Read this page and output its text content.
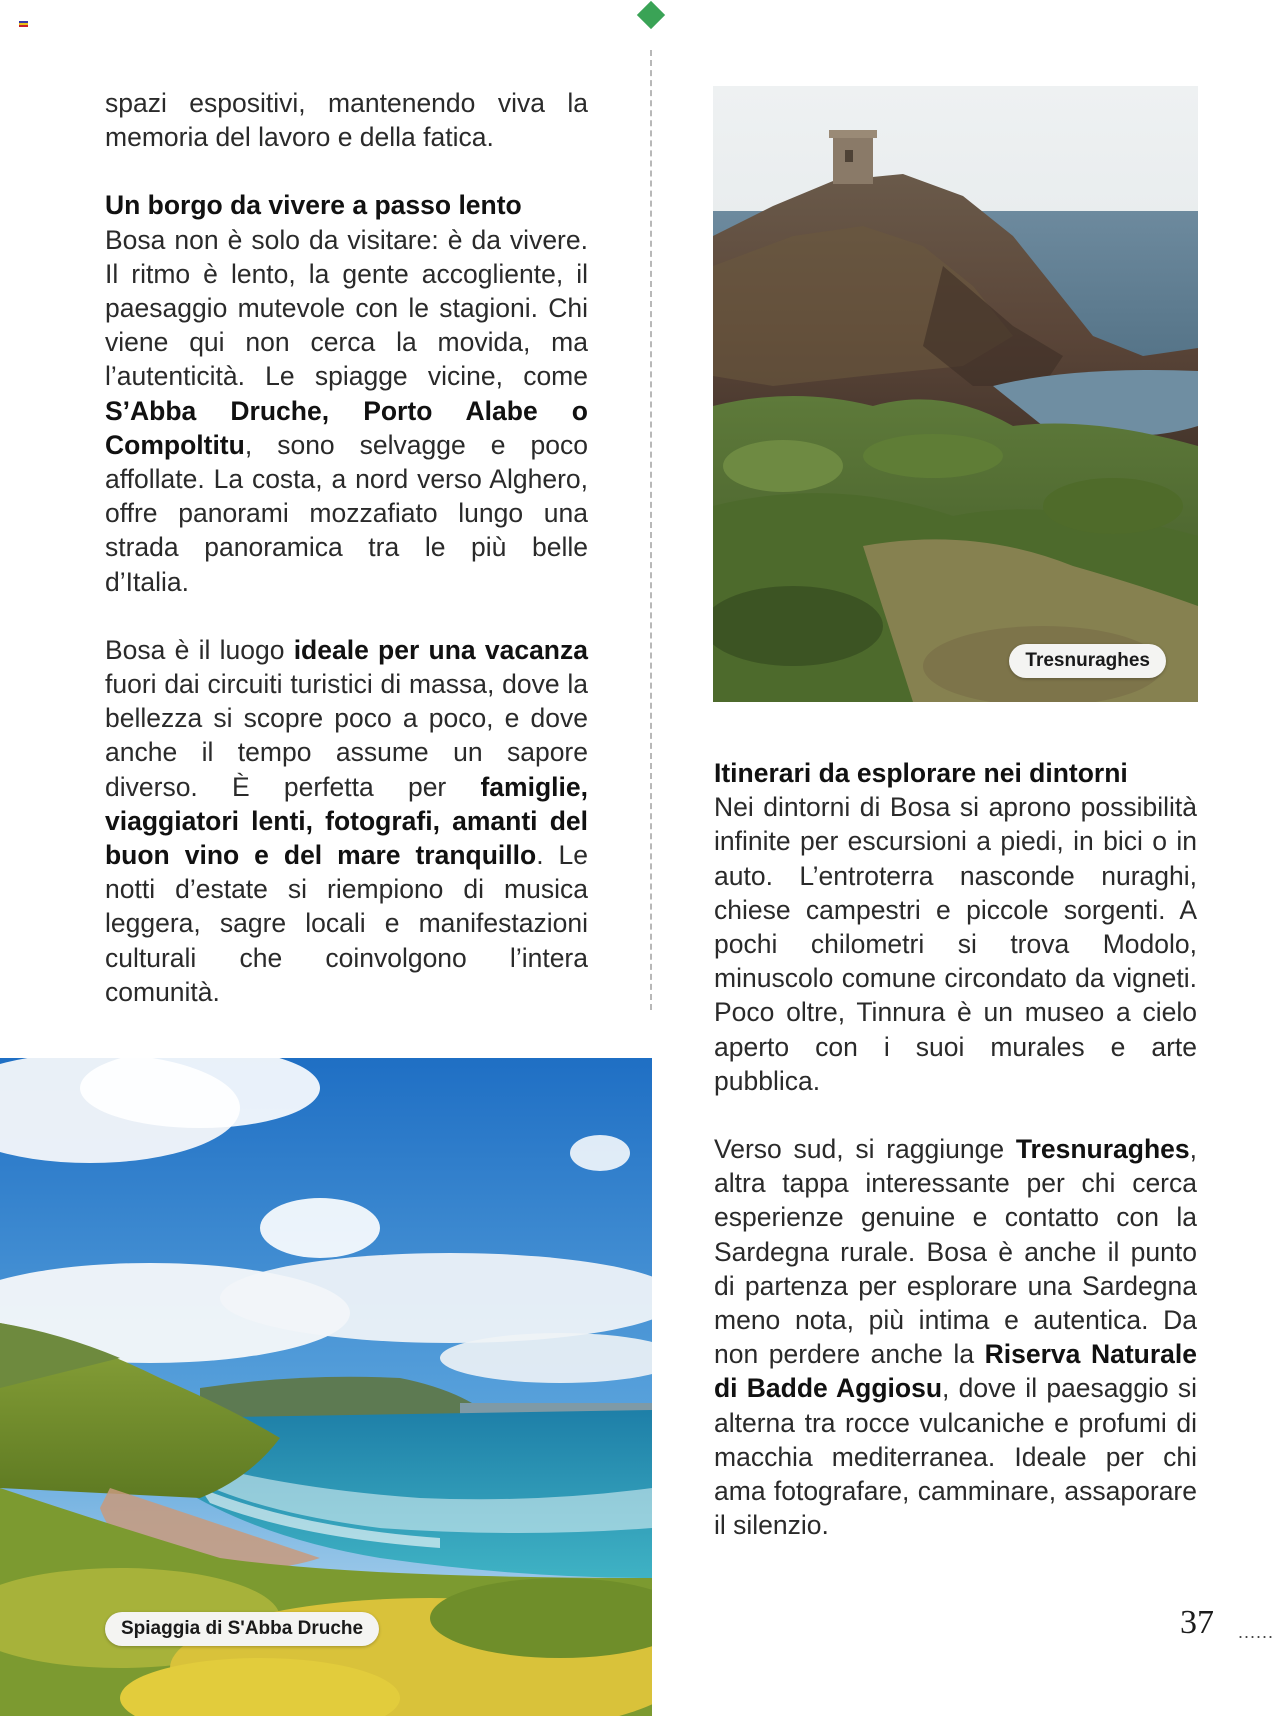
spazi espositivi, mantenendo viva la memoria del lavoro e della fatica.

Un borgo da vivere a passo lento

Bosa non è solo da visitare: è da vivere. Il ritmo è lento, la gente accogliente, il paesaggio mutevole con le stagioni. Chi viene qui non cerca la movida, ma l’autenticità. Le spiagge vicine, come S’Abba Druche, Porto Alabe o Compoltitu, sono selvagge e poco affollate. La costa, a nord verso Alghero, offre panorami mozzafiato lungo una strada panoramica tra le più belle d’Italia.

Bosa è il luogo ideale per una vacanza fuori dai circuiti turistici di massa, dove la bellezza si scopre poco a poco, e dove anche il tempo assume un sapore diverso. È perfetta per famiglie, viaggiatori lenti, fotografi, amanti del buon vino e del mare tranquillo. Le notti d’estate si riempiono di musica leggera, sagre locali e manifestazioni culturali che coinvolgono l’intera comunità.

Tresnuraghes
Itinerari da esplorare nei dintorni

Nei dintorni di Bosa si aprono possibilità infinite per escursioni a piedi, in bici o in auto. L’entroterra nasconde nuraghi, chiese campestri e piccole sorgenti. A pochi chilometri si trova Modolo, minuscolo comune circondato da vigneti. Poco oltre, Tinnura è un museo a cielo aperto con i suoi murales e arte pubblica.

Verso sud, si raggiunge Tresnuraghes, altra tappa interessante per chi cerca esperienze genuine e contatto con la Sardegna rurale. Bosa è anche il punto di partenza per esplorare una Sardegna meno nota, più intima e autentica. Da non perdere anche la Riserva Naturale di Badde Aggiosu, dove il paesaggio si alterna tra rocce vulcaniche e profumi di macchia mediterranea. Ideale per chi ama fotografare, camminare, assaporare il silenzio.

Spiaggia di S'Abba Druche	37 ......
